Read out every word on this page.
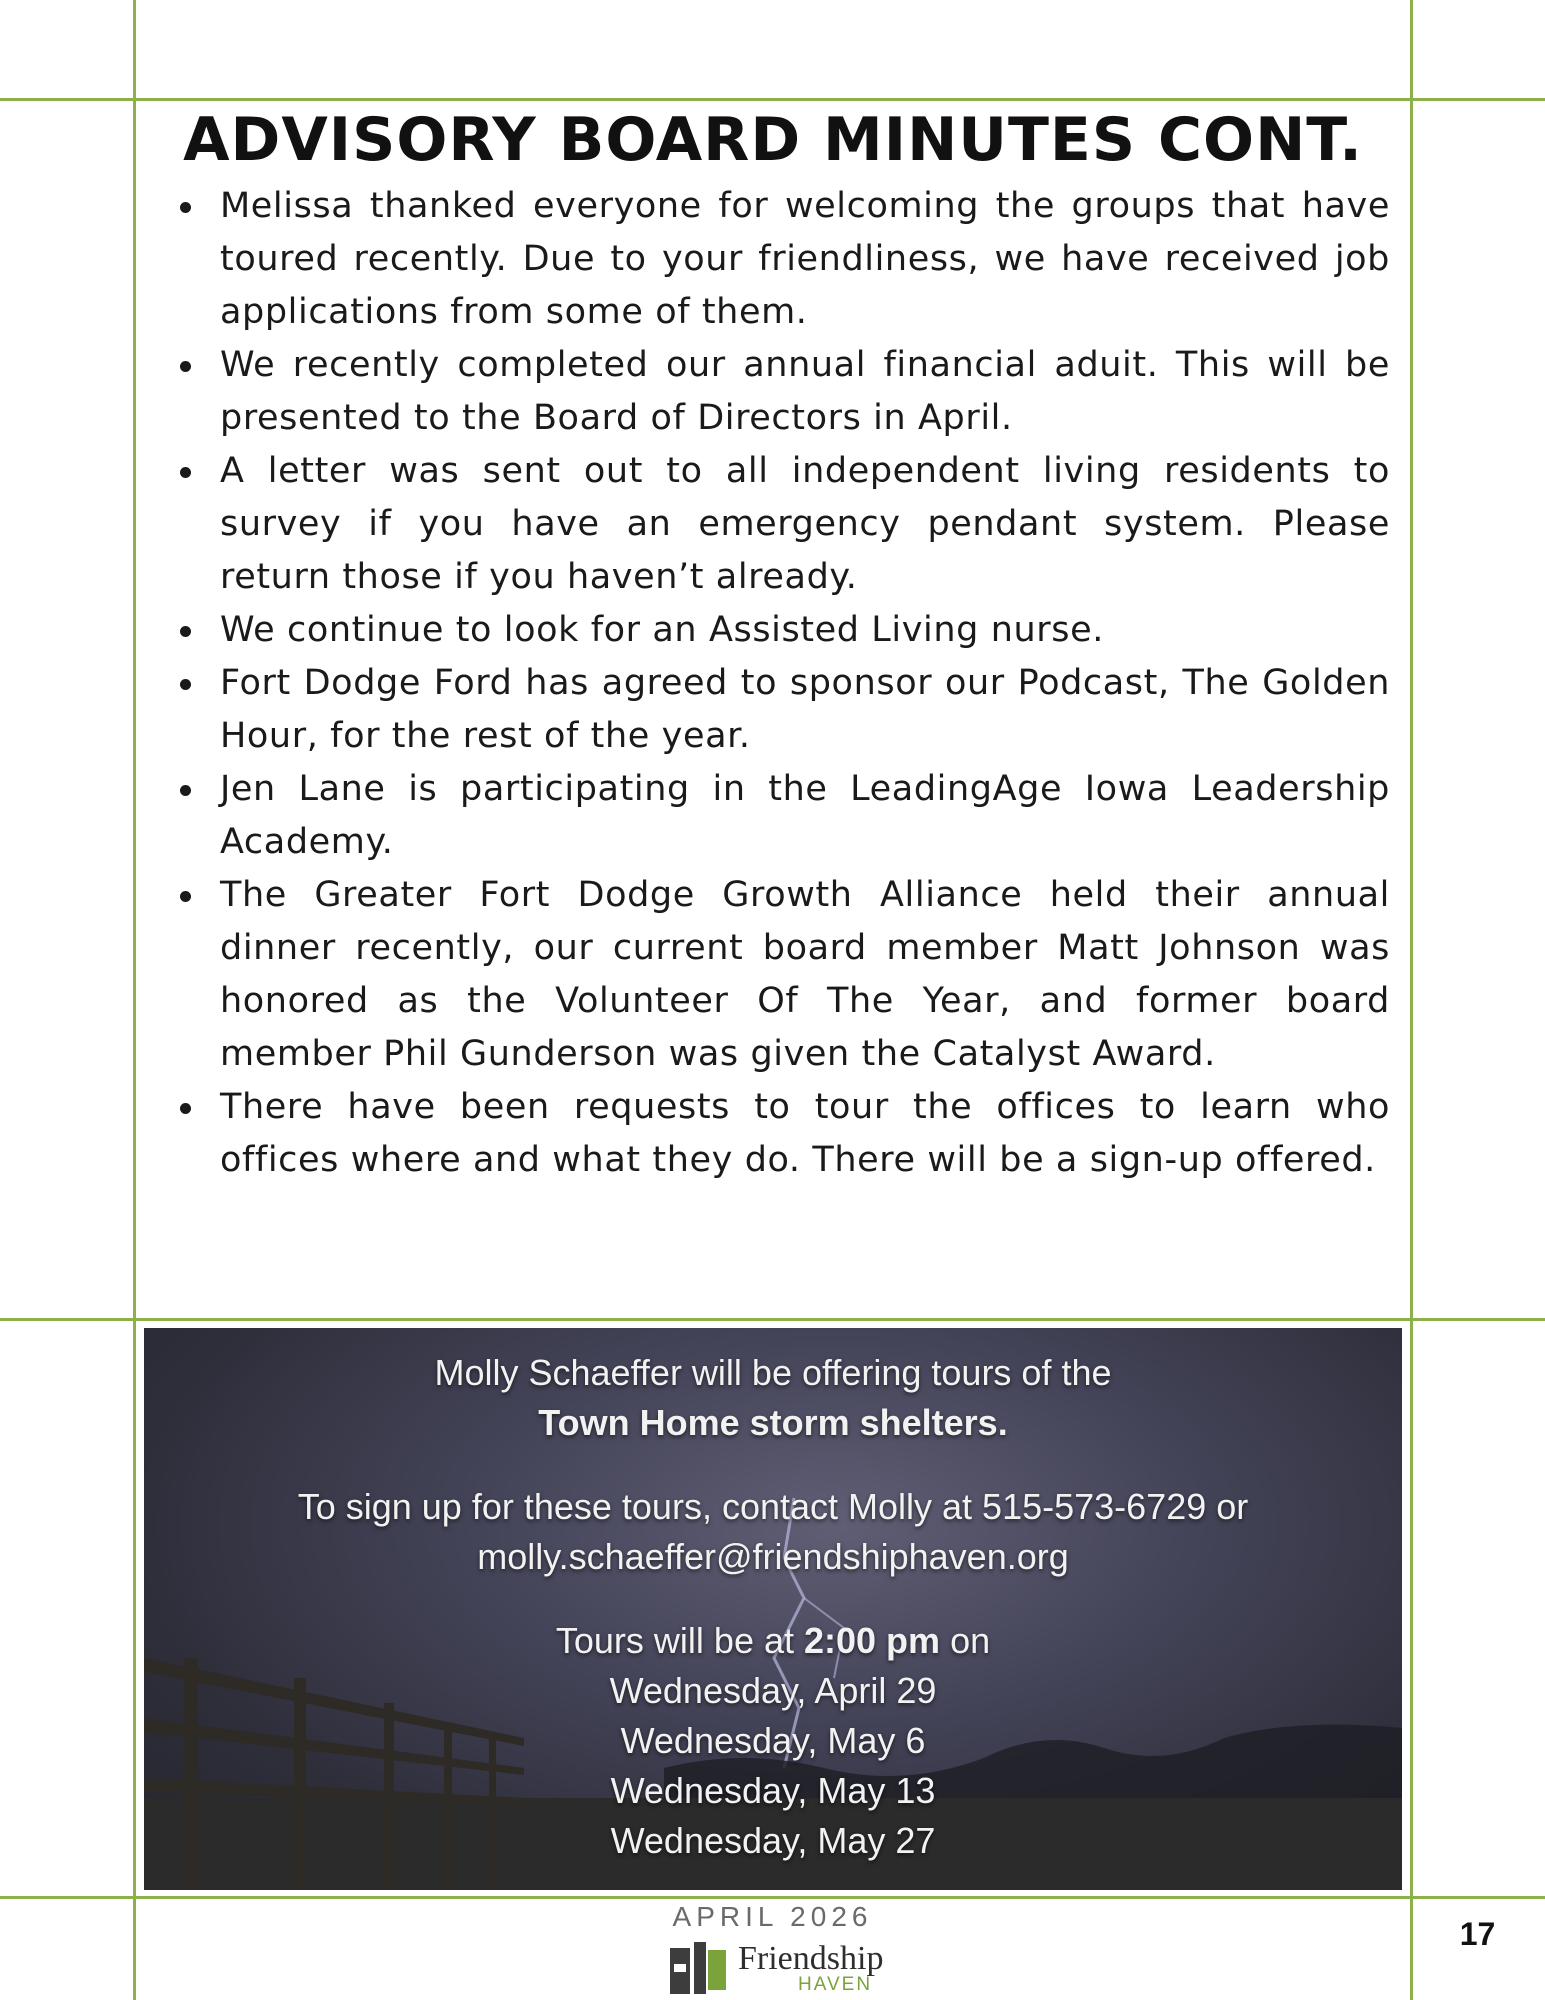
ADVISORY BOARD MINUTES CONT.
Melissa thanked everyone for welcoming the groups that have toured recently. Due to your friendliness, we have received job applications from some of them.
We recently completed our annual financial aduit. This will be presented to the Board of Directors in April.
A letter was sent out to all independent living residents to survey if you have an emergency pendant system. Please return those if you haven’t already.
We continue to look for an Assisted Living nurse.
Fort Dodge Ford has agreed to sponsor our Podcast, The Golden Hour, for the rest of the year.
Jen Lane is participating in the LeadingAge Iowa Leadership Academy.
The Greater Fort Dodge Growth Alliance held their annual dinner recently, our current board member Matt Johnson was honored as the Volunteer Of The Year, and former board member Phil Gunderson was given the Catalyst Award.
There have been requests to tour the offices to learn who offices where and what they do. There will be a sign-up offered.
Molly Schaeffer will be offering tours of the
Town Home storm shelters.
To sign up for these tours, contact Molly at 515-573-6729 or
molly.schaeffer@friendshiphaven.org
Tours will be at 2:00 pm on
Wednesday, April 29
Wednesday, May 6
Wednesday, May 13
Wednesday, May 27
APRIL 2026
Friendship
HAVEN
17
